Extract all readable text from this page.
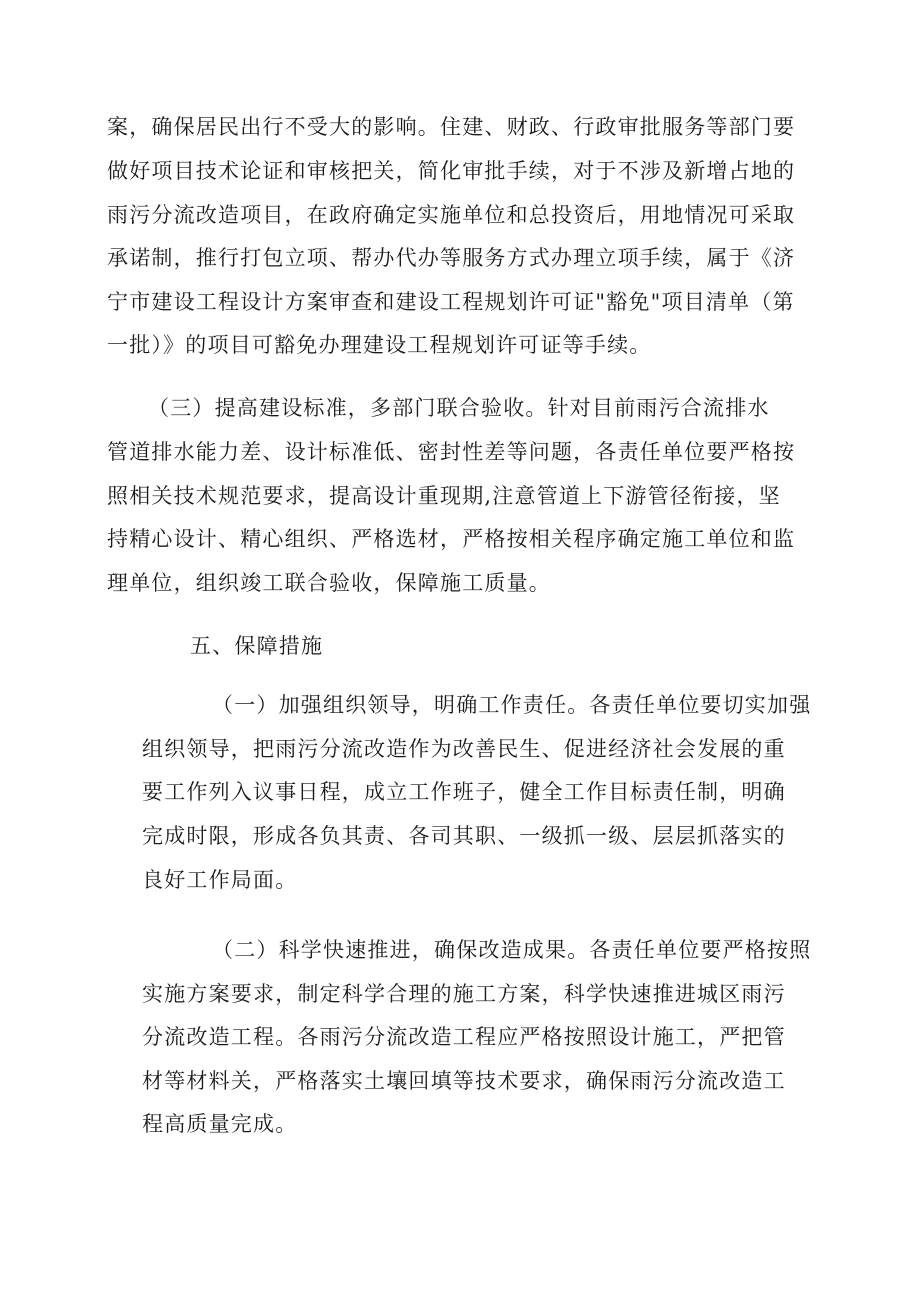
案，确保居民出行不受大的影响。住建、财政、行政审批服务等部门要
做好项目技术论证和审核把关，简化审批手续，对于不涉及新增占地的
雨污分流改造项目，在政府确定实施单位和总投资后，用地情况可采取
承诺制，推行打包立项、帮办代办等服务方式办理立项手续，属于《济
宁市建设工程设计方案审查和建设工程规划许可证"豁免"项目清单（第
一批）》的项目可豁免办理建设工程规划许可证等手续。
（三）提高建设标准，多部门联合验收。针对目前雨污合流排水
管道排水能力差、设计标准低、密封性差等问题，各责任单位要严格按
照相关技术规范要求，提高设计重现期,注意管道上下游管径衔接，坚
持精心设计、精心组织、严格选材，严格按相关程序确定施工单位和监
理单位，组织竣工联合验收，保障施工质量。
五、保障措施
（一）加强组织领导，明确工作责任。各责任单位要切实加强
组织领导，把雨污分流改造作为改善民生、促进经济社会发展的重
要工作列入议事日程，成立工作班子，健全工作目标责任制，明确
完成时限，形成各负其责、各司其职、一级抓一级、层层抓落实的
良好工作局面。
（二）科学快速推进，确保改造成果。各责任单位要严格按照
实施方案要求，制定科学合理的施工方案，科学快速推进城区雨污
分流改造工程。各雨污分流改造工程应严格按照设计施工，严把管
材等材料关，严格落实土壤回填等技术要求，确保雨污分流改造工
程高质量完成。
